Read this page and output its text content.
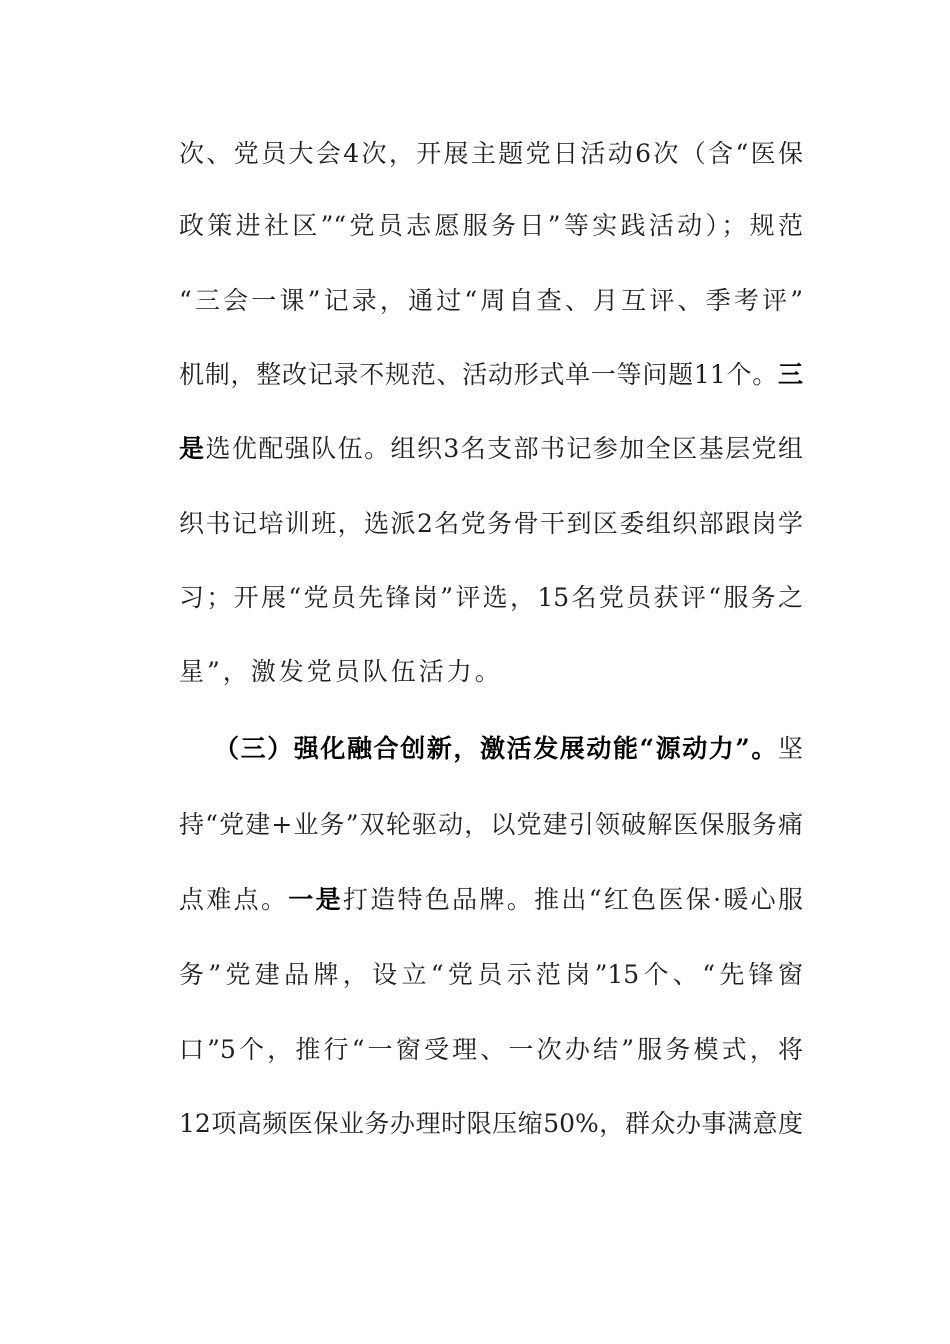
次、党员大会4次，开展主题党日活动6次（含“医保

政策进社区”“党员志愿服务日”等实践活动）；规范

“三会一课”记录，通过“周自查、月互评、季考评”

机制，整改记录不规范、活动形式单一等问题11个。三

是选优配强队伍。组织3名支部书记参加全区基层党组

织书记培训班，选派2名党务骨干到区委组织部跟岗学

习；开展“党员先锋岗”评选，15名党员获评“服务之

星”，激发党员队伍活力。

（三）强化融合创新，激活发展动能“源动力”。坚

持“党建+业务”双轮驱动，以党建引领破解医保服务痛

点难点。一是打造特色品牌。推出“红色医保·暖心服

务”党建品牌，设立“党员示范岗”15个、“先锋窗

口”5个，推行“一窗受理、一次办结”服务模式，将

12项高频医保业务办理时限压缩50%，群众办事满意度
